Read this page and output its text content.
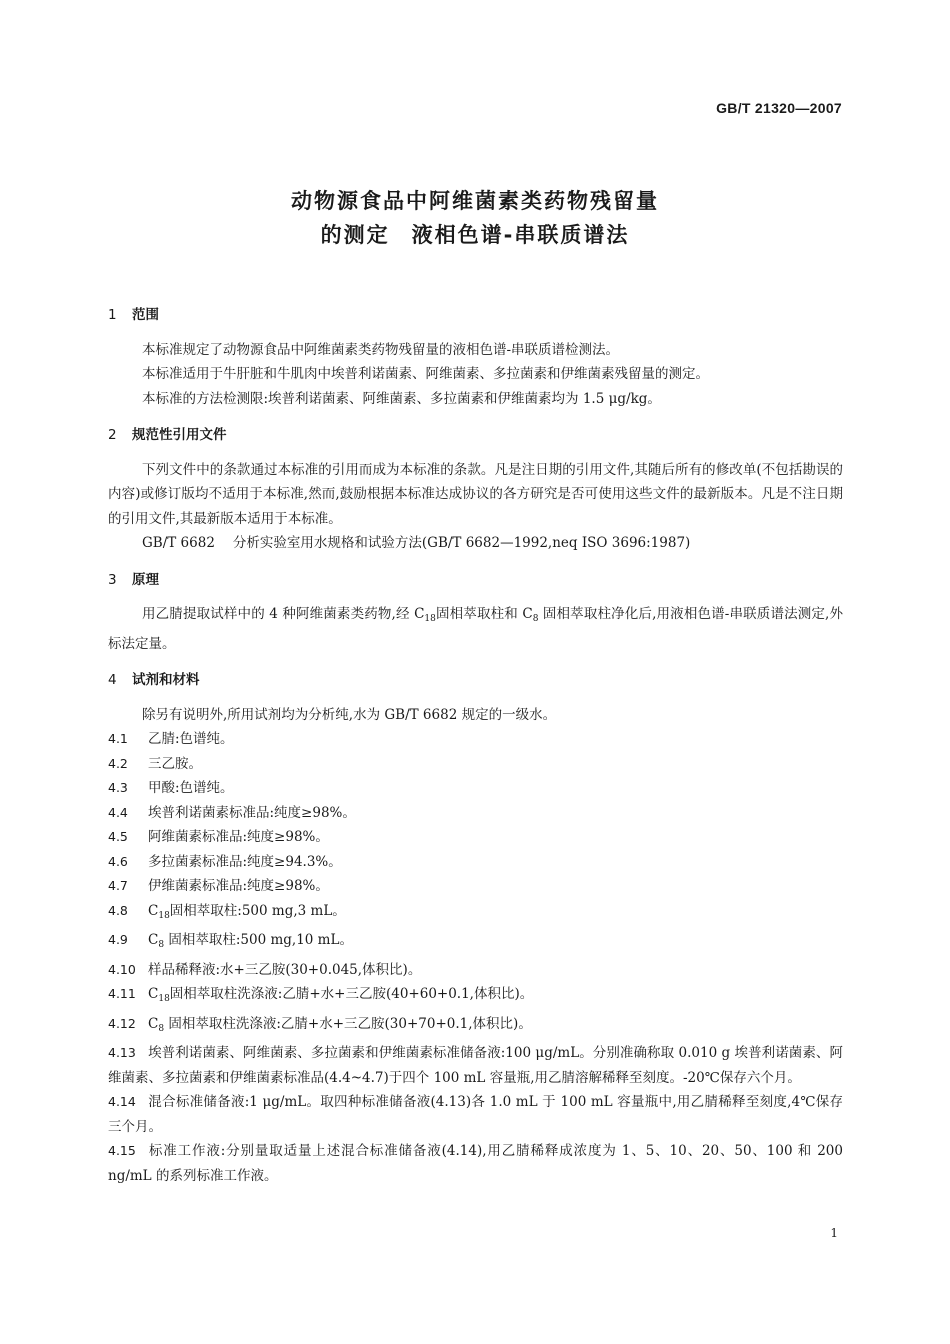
GB/T 21320—2007
动物源食品中阿维菌素类药物残留量
的测定 液相色谱-串联质谱法
1 范围
本标准规定了动物源食品中阿维菌素类药物残留量的液相色谱-串联质谱检测法。
本标准适用于牛肝脏和牛肌肉中埃普利诺菌素、阿维菌素、多拉菌素和伊维菌素残留量的测定。
本标准的方法检测限:埃普利诺菌素、阿维菌素、多拉菌素和伊维菌素均为 1.5 μg/kg。
2 规范性引用文件
下列文件中的条款通过本标准的引用而成为本标准的条款。凡是注日期的引用文件,其随后所有的修改单(不包括勘误的内容)或修订版均不适用于本标准,然而,鼓励根据本标准达成协议的各方研究是否可使用这些文件的最新版本。凡是不注日期的引用文件,其最新版本适用于本标准。
GB/T 6682 分析实验室用水规格和试验方法(GB/T 6682—1992,neq ISO 3696:1987)
3 原理
用乙腈提取试样中的 4 种阿维菌素类药物,经 $C_{18}$固相萃取柱和 $C_8$ 固相萃取柱净化后,用液相色谱-串联质谱法测定,外标法定量。
4 试剂和材料
除另有说明外,所用试剂均为分析纯,水为 GB/T 6682 规定的一级水。
4.1 乙腈:色谱纯。
4.2 三乙胺。
4.3 甲酸:色谱纯。
4.4 埃普利诺菌素标准品:纯度≥98%。
4.5 阿维菌素标准品:纯度≥98%。
4.6 多拉菌素标准品:纯度≥94.3%。
4.7 伊维菌素标准品:纯度≥98%。
4.8 $C_{18}$固相萃取柱:500 mg,3 mL。
4.9 $C_8$ 固相萃取柱:500 mg,10 mL。
4.10 样品稀释液:水+三乙胺(30+0.045,体积比)。
4.11 $C_{18}$固相萃取柱洗涤液:乙腈+水+三乙胺(40+60+0.1,体积比)。
4.12 $C_8$ 固相萃取柱洗涤液:乙腈+水+三乙胺(30+70+0.1,体积比)。
4.13 埃普利诺菌素、阿维菌素、多拉菌素和伊维菌素标准储备液:100 μg/mL。分别准确称取 0.010 g 埃普利诺菌素、阿维菌素、多拉菌素和伊维菌素标准品(4.4~4.7)于四个 100 mL 容量瓶,用乙腈溶解稀释至刻度。-20℃保存六个月。
4.14 混合标准储备液:1 μg/mL。取四种标准储备液(4.13)各 1.0 mL 于 100 mL 容量瓶中,用乙腈稀释至刻度,4℃保存三个月。
4.15 标准工作液:分别量取适量上述混合标准储备液(4.14),用乙腈稀释成浓度为 1、5、10、20、50、100 和 200 ng/mL 的系列标准工作液。
1
